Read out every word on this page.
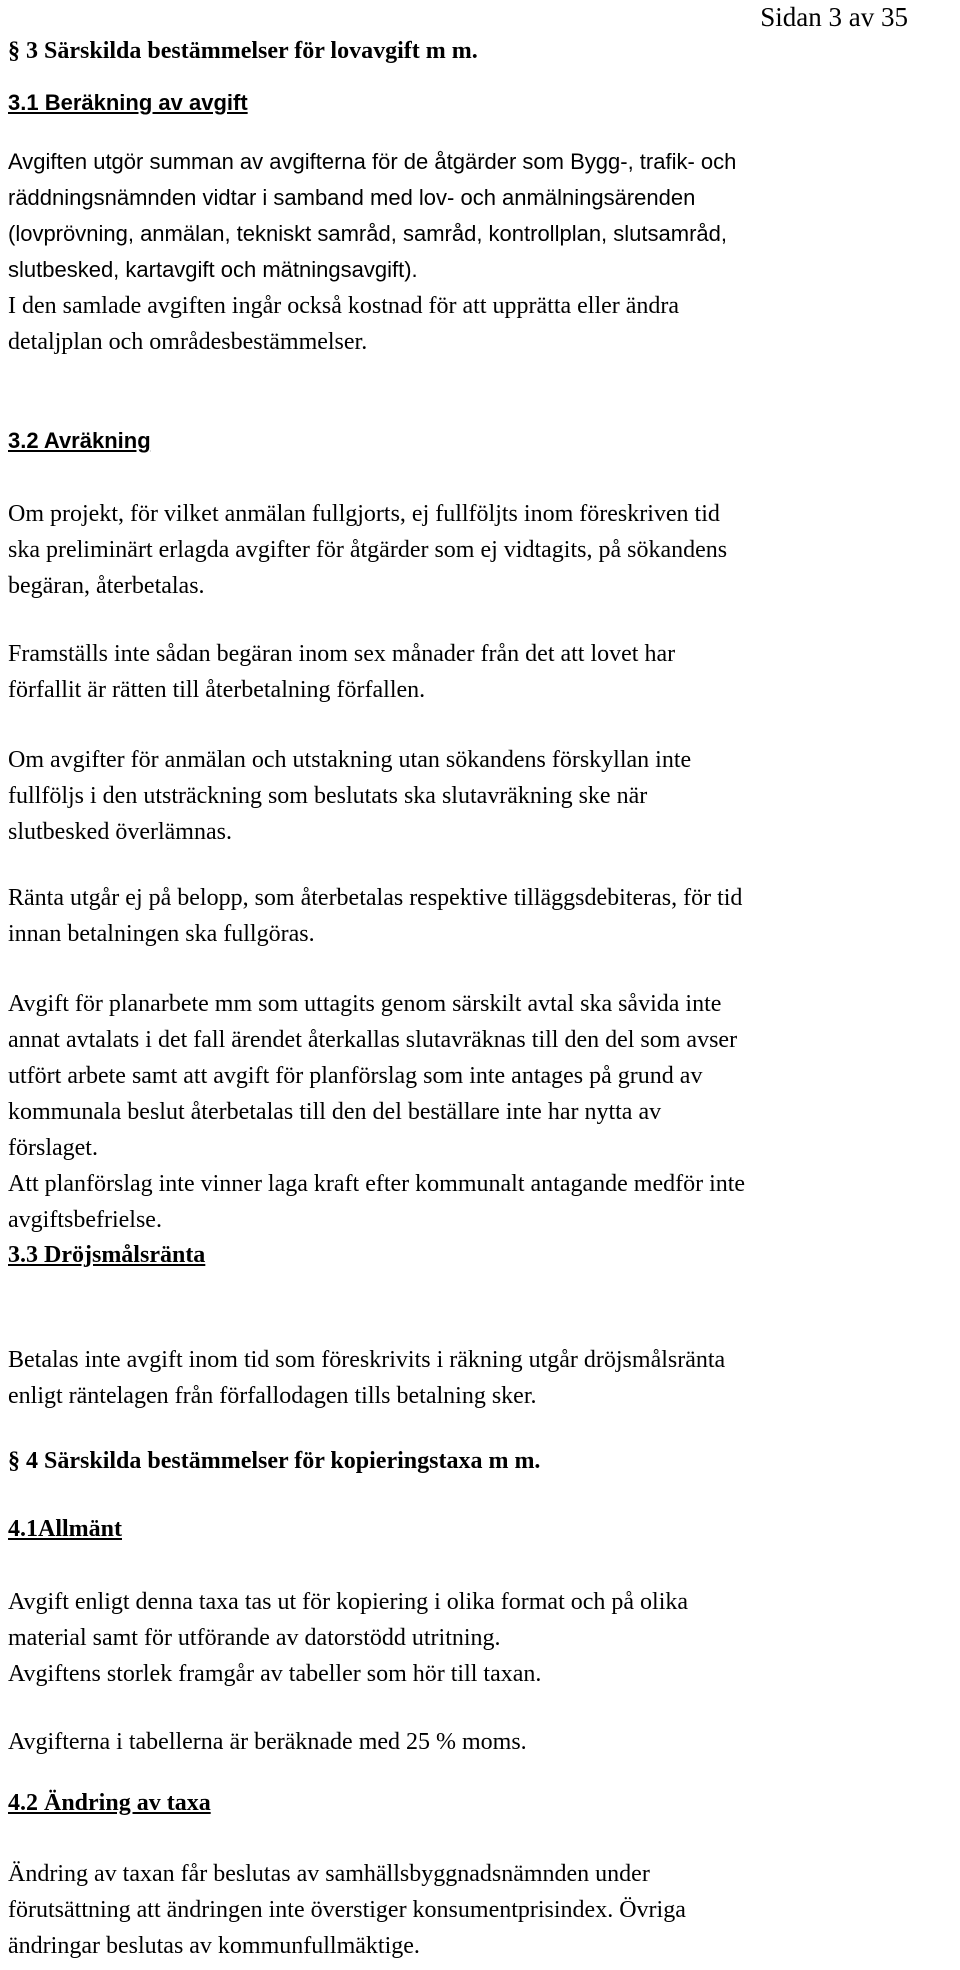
Sidan 3 av 35
§ 3 Särskilda bestämmelser för lovavgift m m.
3.1 Beräkning av avgift
Avgiften utgör summan av avgifterna för de åtgärder som Bygg-, trafik- och
räddningsnämnden vidtar i samband med lov- och anmälningsärenden
(lovprövning, anmälan, tekniskt samråd, samråd, kontrollplan, slutsamråd,
slutbesked, kartavgift och mätningsavgift).
I den samlade avgiften ingår också kostnad för att upprätta eller ändra
detaljplan och områdesbestämmelser.
3.2 Avräkning
Om projekt, för vilket anmälan fullgjorts, ej fullföljts inom föreskriven tid
ska preliminärt erlagda avgifter för åtgärder som ej vidtagits, på sökandens
begäran, återbetalas.
Framställs inte sådan begäran inom sex månader från det att lovet har
förfallit är rätten till återbetalning förfallen.
Om avgifter för anmälan och utstakning utan sökandens förskyllan inte
fullföljs i den utsträckning som beslutats ska slutavräkning ske när
slutbesked överlämnas.
Ränta utgår ej på belopp, som återbetalas respektive tilläggsdebiteras, för tid
innan betalningen ska fullgöras.
Avgift för planarbete mm som uttagits genom särskilt avtal ska såvida inte
annat avtalats i det fall ärendet återkallas slutavräknas till den del som avser
utfört arbete samt att avgift för planförslag som inte antages på grund av
kommunala beslut återbetalas till den del beställare inte har nytta av
förslaget.
Att planförslag inte vinner laga kraft efter kommunalt antagande medför inte
avgiftsbefrielse.
3.3 Dröjsmålsränta
Betalas inte avgift inom tid som föreskrivits i räkning utgår dröjsmålsränta
enligt räntelagen från förfallodagen tills betalning sker.
§ 4 Särskilda bestämmelser för kopieringstaxa m m.
4.1Allmänt
Avgift enligt denna taxa tas ut för kopiering i olika format och på olika
material samt för utförande av datorstödd utritning.
Avgiftens storlek framgår av tabeller som hör till taxan.
Avgifterna i tabellerna är beräknade med 25 % moms.
4.2 Ändring av taxa
Ändring av taxan får beslutas av samhällsbyggnadsnämnden under
förutsättning att ändringen inte överstiger konsumentprisindex. Övriga
ändringar beslutas av kommunfullmäktige.
